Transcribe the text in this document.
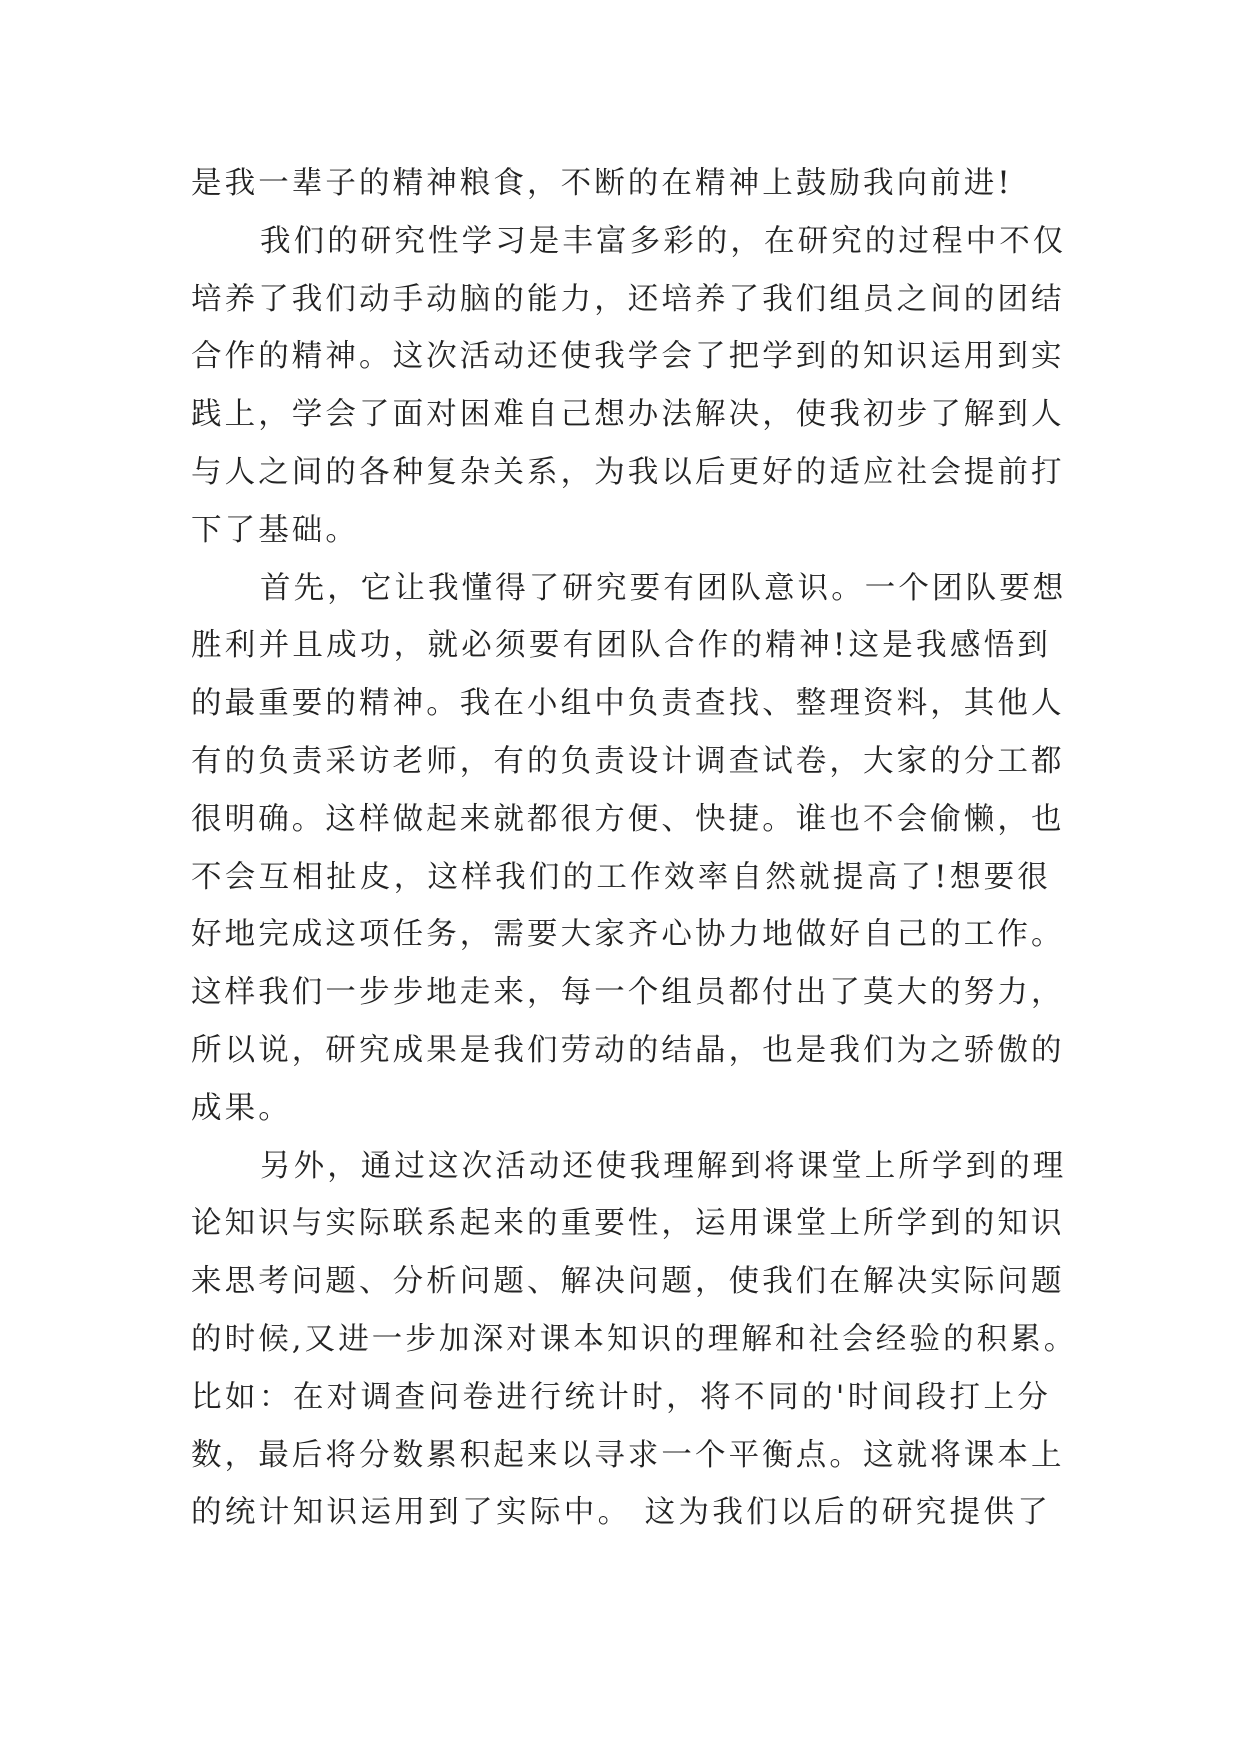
是我一辈子的精神粮食，不断的在精神上鼓励我向前进!
我们的研究性学习是丰富多彩的，在研究的过程中不仅
培养了我们动手动脑的能力，还培养了我们组员之间的团结
合作的精神。这次活动还使我学会了把学到的知识运用到实
践上，学会了面对困难自己想办法解决，使我初步了解到人
与人之间的各种复杂关系，为我以后更好的适应社会提前打
下了基础。
首先，它让我懂得了研究要有团队意识。一个团队要想
胜利并且成功，就必须要有团队合作的精神!这是我感悟到
的最重要的精神。我在小组中负责查找、整理资料，其他人
有的负责采访老师，有的负责设计调查试卷，大家的分工都
很明确。这样做起来就都很方便、快捷。谁也不会偷懒，也
不会互相扯皮，这样我们的工作效率自然就提高了!想要很
好地完成这项任务，需要大家齐心协力地做好自己的工作。
这样我们一步步地走来，每一个组员都付出了莫大的努力，
所以说，研究成果是我们劳动的结晶，也是我们为之骄傲的
成果。
另外，通过这次活动还使我理解到将课堂上所学到的理
论知识与实际联系起来的重要性，运用课堂上所学到的知识
来思考问题、分析问题、解决问题，使我们在解决实际问题
的时候,又进一步加深对课本知识的理解和社会经验的积累。
比如：在对调查问卷进行统计时，将不同的'时间段打上分
数，最后将分数累积起来以寻求一个平衡点。这就将课本上
的统计知识运用到了实际中。 这为我们以后的研究提供了
